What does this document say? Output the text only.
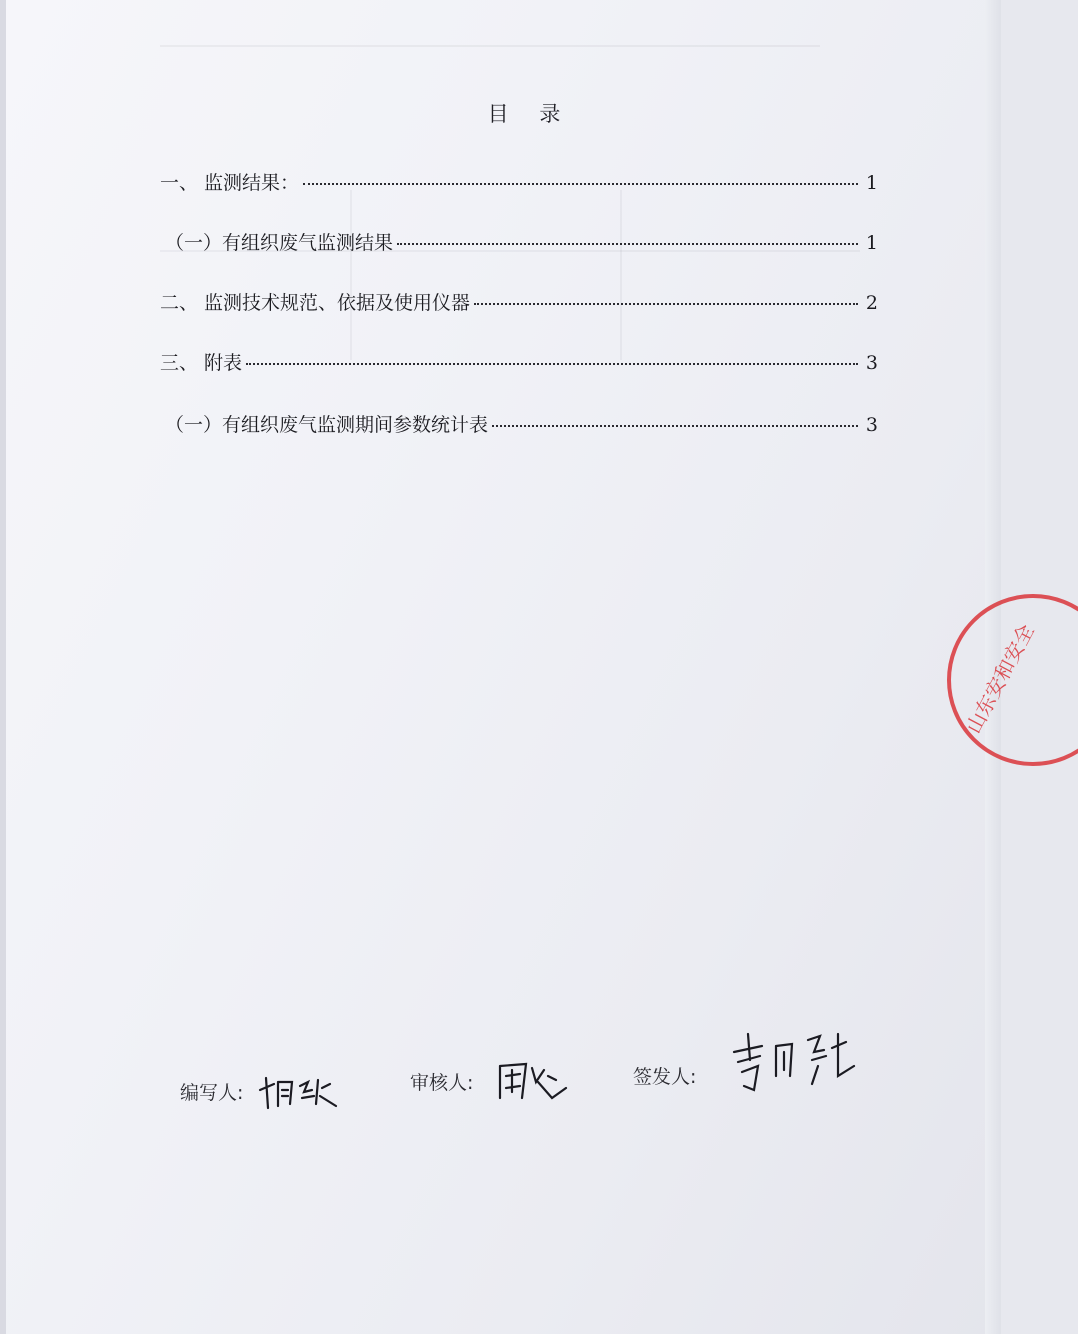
目 录
一、 监测结果：	1
（一）有组织废气监测结果	1
二、 监测技术规范、依据及使用仪器	2
三、 附表	3
（一）有组织废气监测期间参数统计表	3
山东安和安全
编写人:	审核人:	签发人:
